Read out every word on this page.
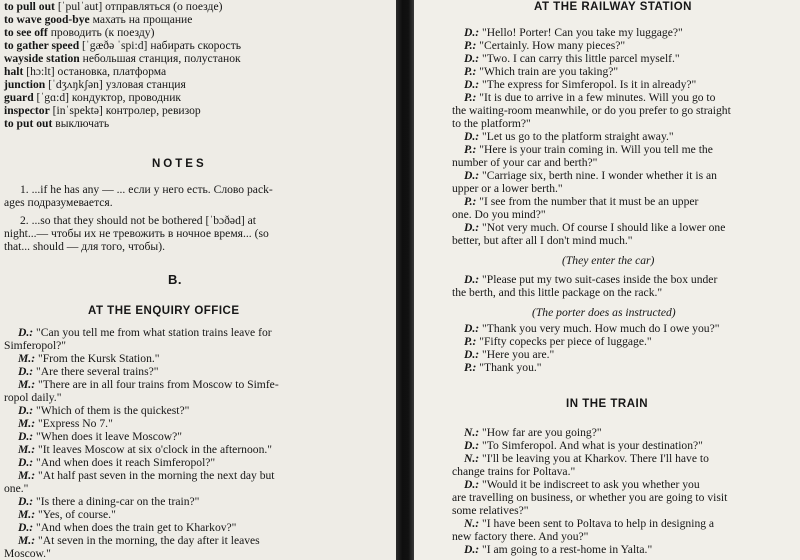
to pull out [ˈpulˈaut] отправляться (о поезде)
to wave good-bye махать на прощание
to see off проводить (к поезду)
to gather speed [ˈgæðə ˈspi:d] набирать скорость
wayside station небольшая станция, полустанок
halt [hɔ:lt] остановка, платформа
junction [ˈdʒʌŋkʃən] узловая станция
guard [ˈgɑ:d] кондуктор, проводник
inspector [inˈspektə] контролер, ревизор
to put out выключать
NOTES
1. ...if he has any — ... если у него есть. Слово pack-
ages подразумевается.
2. ...so that they should not be bothered [ˈbɔðəd] at
night...— чтобы их не тревожить в ночное время... (so
that... should — для того, чтобы).
B.
AT THE ENQUIRY OFFICE
D.: "Can you tell me from what station trains leave for
Simferopol?"
M.: "From the Kursk Station."
D.: "Are there several trains?"
M.: "There are in all four trains from Moscow to Simfe-
ropol daily."
D.: "Which of them is the quickest?"
M.: "Express No 7."
D.: "When does it leave Moscow?"
M.: "It leaves Moscow at six o'clock in the afternoon."
D.: "And when does it reach Simferopol?"
M.: "At half past seven in the morning the next day but
one."
D.: "Is there a dining-car on the train?"
M.: "Yes, of course."
D.: "And when does the train get to Kharkov?"
M.: "At seven in the morning, the day after it leaves
Moscow."
AT THE RAILWAY STATION
D.: "Hello! Porter! Can you take my luggage?"
P.: "Certainly. How many pieces?"
D.: "Two. I can carry this little parcel myself."
P.: "Which train are you taking?"
D.: "The express for Simferopol. Is it in already?"
P.: "It is due to arrive in a few minutes. Will you go to
the waiting-room meanwhile, or do you prefer to go straight
to the platform?"
D.: "Let us go to the platform straight away."
P.: "Here is your train coming in. Will you tell me the
number of your car and berth?"
D.: "Carriage six, berth nine. I wonder whether it is an
upper or a lower berth."
P.: "I see from the number that it must be an upper
one. Do you mind?"
D.: "Not very much. Of course I should like a lower one
better, but after all I don't mind much."
(They enter the car)
D.: "Please put my two suit-cases inside the box under
the berth, and this little package on the rack."
(The porter does as instructed)
D.: "Thank you very much. How much do I owe you?"
P.: "Fifty copecks per piece of luggage."
D.: "Here you are."
P.: "Thank you."
IN THE TRAIN
N.: "How far are you going?"
D.: "To Simferopol. And what is your destination?"
N.: "I'll be leaving you at Kharkov. There I'll have to
change trains for Poltava."
D.: "Would it be indiscreet to ask you whether you
are travelling on business, or whether you are going to visit
some relatives?"
N.: "I have been sent to Poltava to help in designing a
new factory there. And you?"
D.: "I am going to a rest-home in Yalta."
